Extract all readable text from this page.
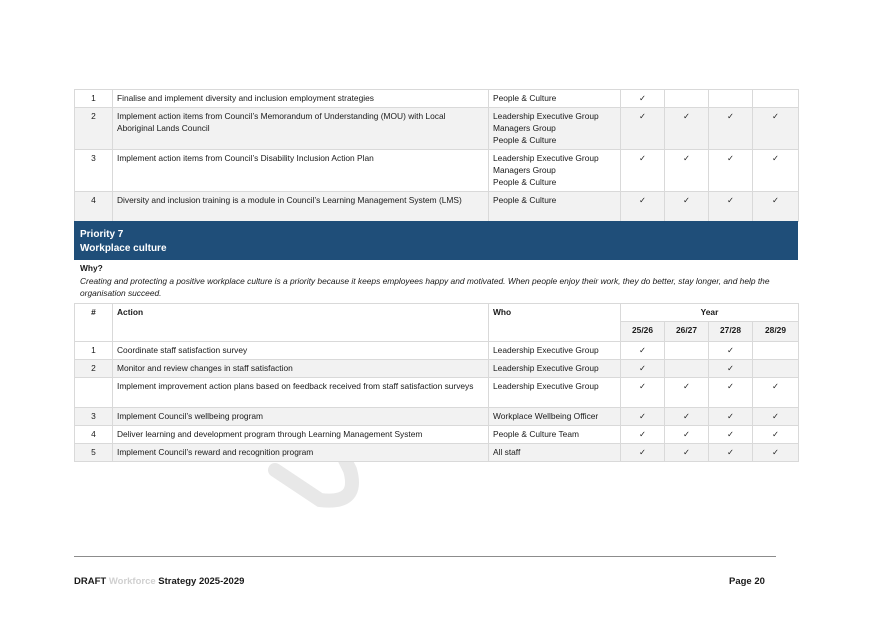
1	Finalise and implement diversity and inclusion employment strategies	People & Culture	✓			
2	Implement action items from Council’s Memorandum of Understanding (MOU) with Local Aboriginal Lands Council	Leadership Executive Group
Managers Group
People & Culture	✓	✓	✓	✓
3	Implement action items from Council’s Disability Inclusion Action Plan	Leadership Executive Group
Managers Group
People & Culture	✓	✓	✓	✓
4	Diversity and inclusion training is a module in Council’s Learning Management System (LMS)	People & Culture	✓	✓	✓	✓
Priority 7
Workplace culture
Why?
Creating and protecting a positive workplace culture is a priority because it keeps employees happy and motivated. When people enjoy their work, they do better, stay longer, and help the organisation succeed.
#	Action	Who	Year			
			25/26	26/27	27/28	28/29
1	Coordinate staff satisfaction survey	Leadership Executive Group	✓		✓	
2	Monitor and review changes in staff satisfaction	Leadership Executive Group	✓		✓	
	Implement improvement action plans based on feedback received from staff satisfaction surveys	Leadership Executive Group	✓	✓	✓	✓
3	Implement Council’s wellbeing program	Workplace Wellbeing Officer	✓	✓	✓	✓
4	Deliver learning and development program through Learning Management System	People & Culture Team	✓	✓	✓	✓
5	Implement Council’s reward and recognition program	All staff	✓	✓	✓	✓
DRAFT Workforce Strategy 2025-2029	Page 20
